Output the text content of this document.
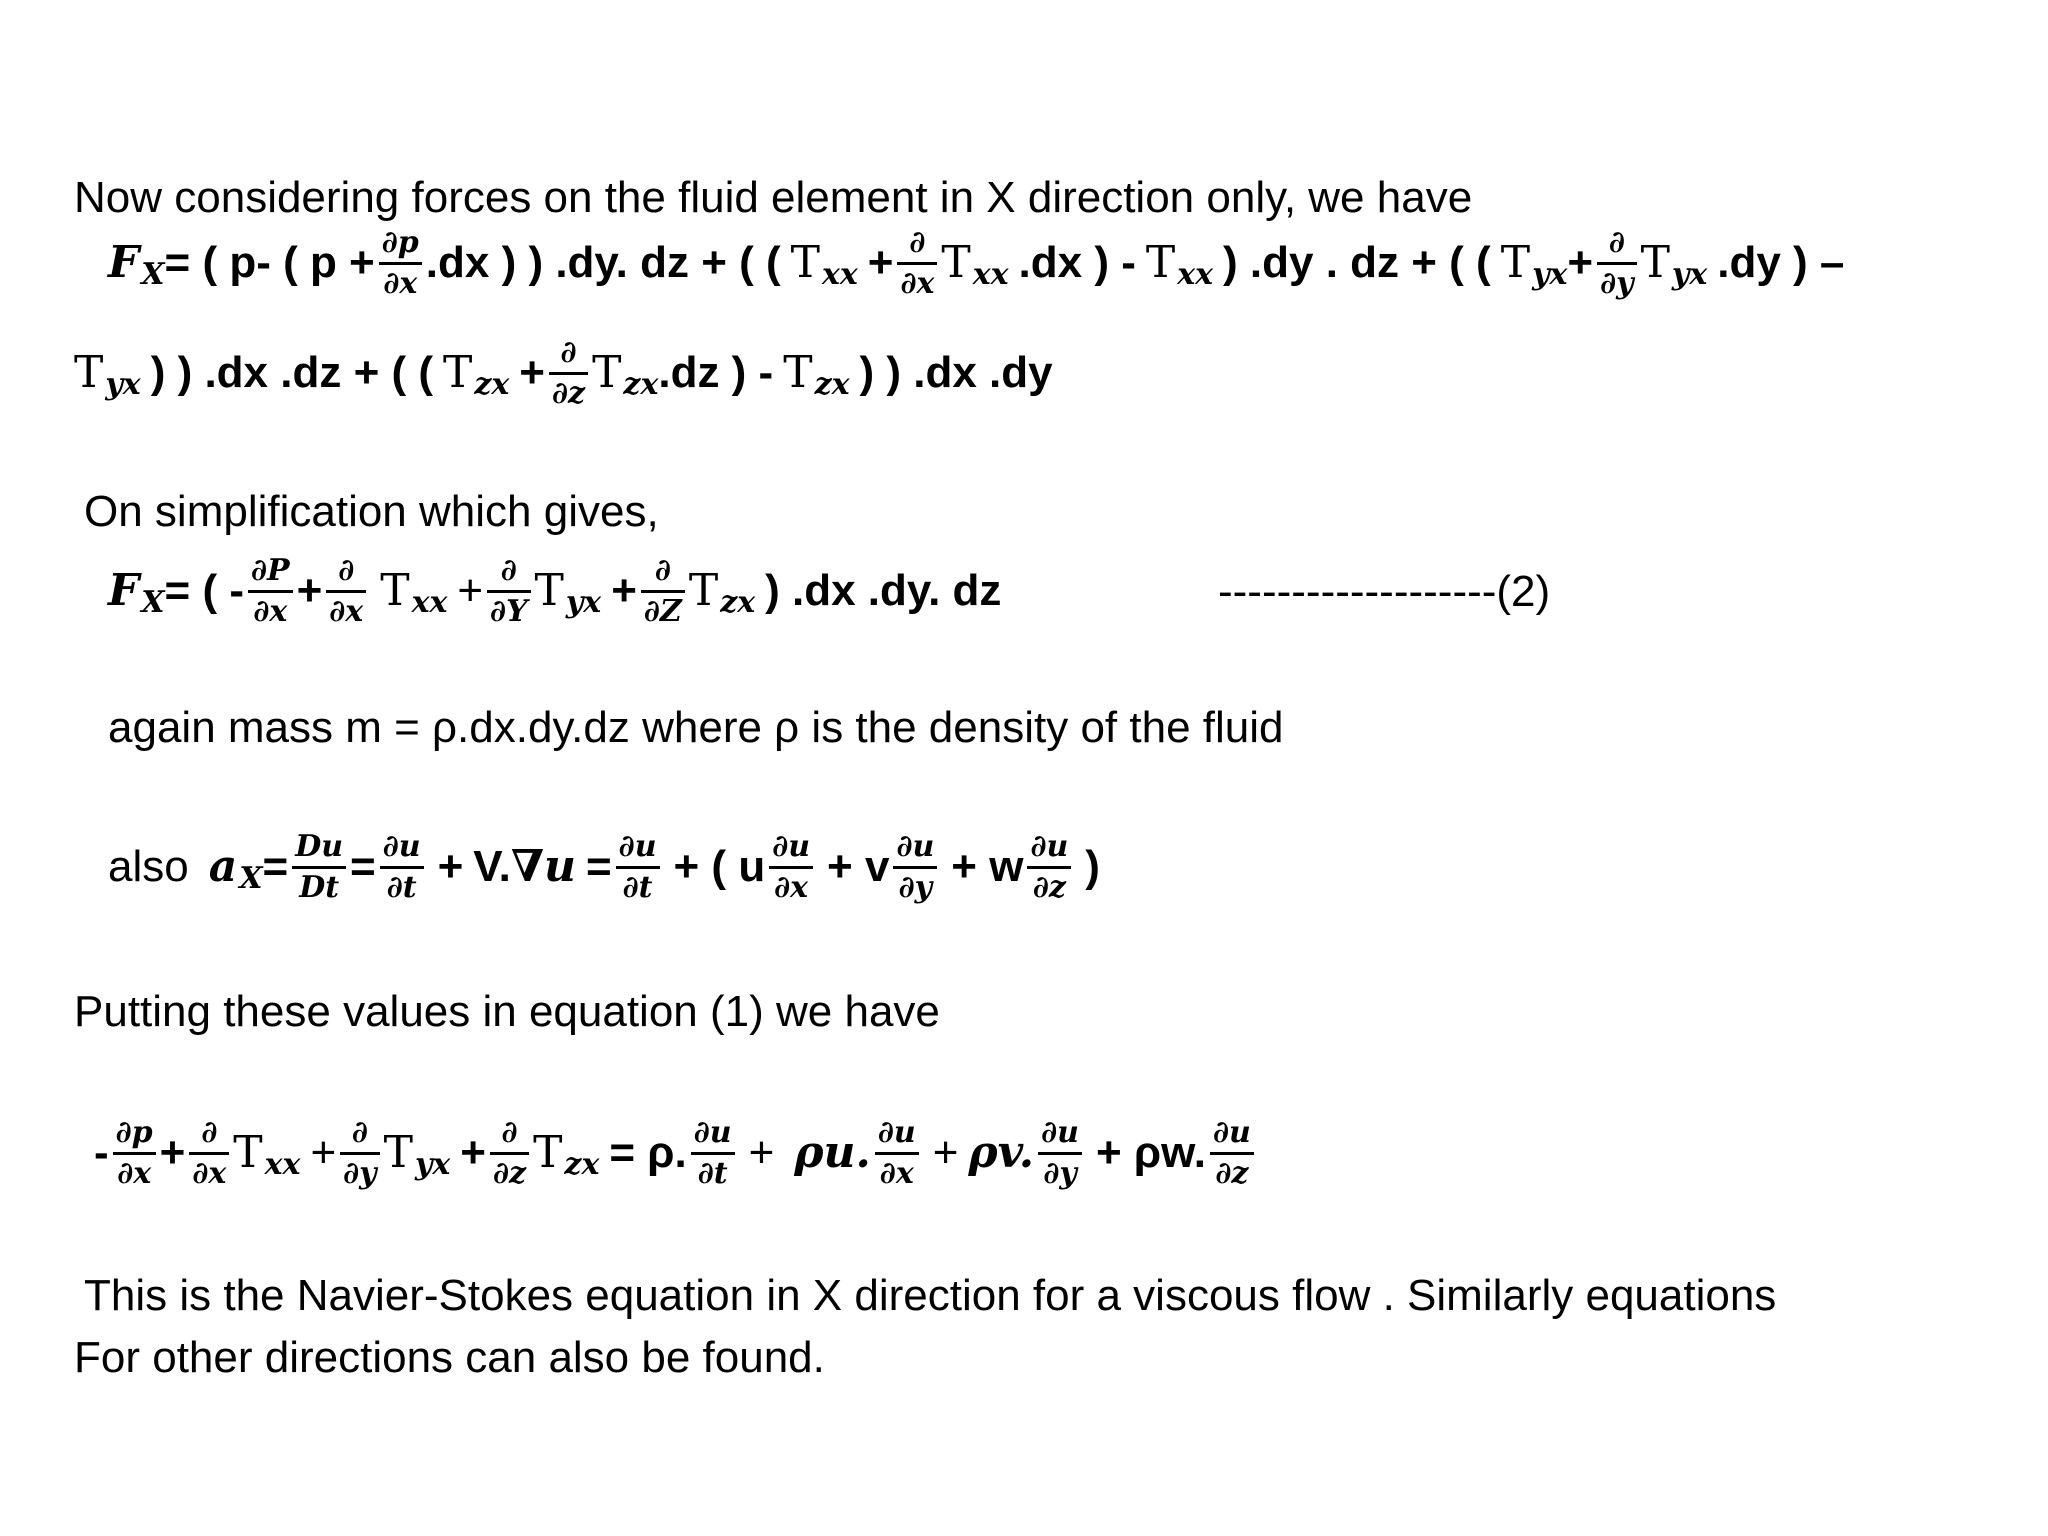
Now considering forces on the fluid element in X direction only, we have
F X = ( p- ( $p + \frac{\partial p}{\partial x} .dx$ ) ) .dy. dz + ( ( Τ xx + $\frac{\partial}{\partial x}$ Τ xx .dx ) - Τ xx ) .dy . dz + ( ( Τ yx + $\frac{\partial}{\partial y}$ Τ yx .dy ) –
Τ yx ) ) .dx .dz + ( ( Τ zx + $\frac{\partial}{\partial z}$ Τ zx .dz ) - Τ zx ) ) .dx .dy
On simplification which gives,
F X = ( - $\frac{\partial P}{\partial x} + \frac{\partial}{\partial x}$ Τ xx + $\frac{\partial}{\partial Y}$ Τ yx + $\frac{\partial}{\partial Z}$ Τ zx ) .dx .dy. dz	-------------------(2)
again mass m = ρ.dx.dy.dz where ρ is the density of the fluid
also a $X = \frac{Du}{Dt} = \frac{\partial u}{\partial t} + V$. $\nabla u = \frac{\partial u}{\partial t}$ + ( u $\frac{\partial u}{\partial x} + v \frac{\partial u}{\partial y} + w \frac{\partial u}{\partial z}$ )
Putting these values in equation (1) we have
- $\frac{\partial p}{\partial x} + \frac{\partial}{\partial x}$ Τ xx + $\frac{\partial}{\partial y}$ Τ yx + $\frac{\partial}{\partial z}$ Τ zx = ρ. $\frac{\partial u}{\partial t} + \rho u$. $\frac{\partial u}{\partial x} + \rho v$. $\frac{\partial u}{\partial y} + \rho w$. $\frac{\partial u}{\partial z}$
This is the Navier-Stokes equation in X direction for a viscous flow . Similarly equations
For other directions can also be found.
